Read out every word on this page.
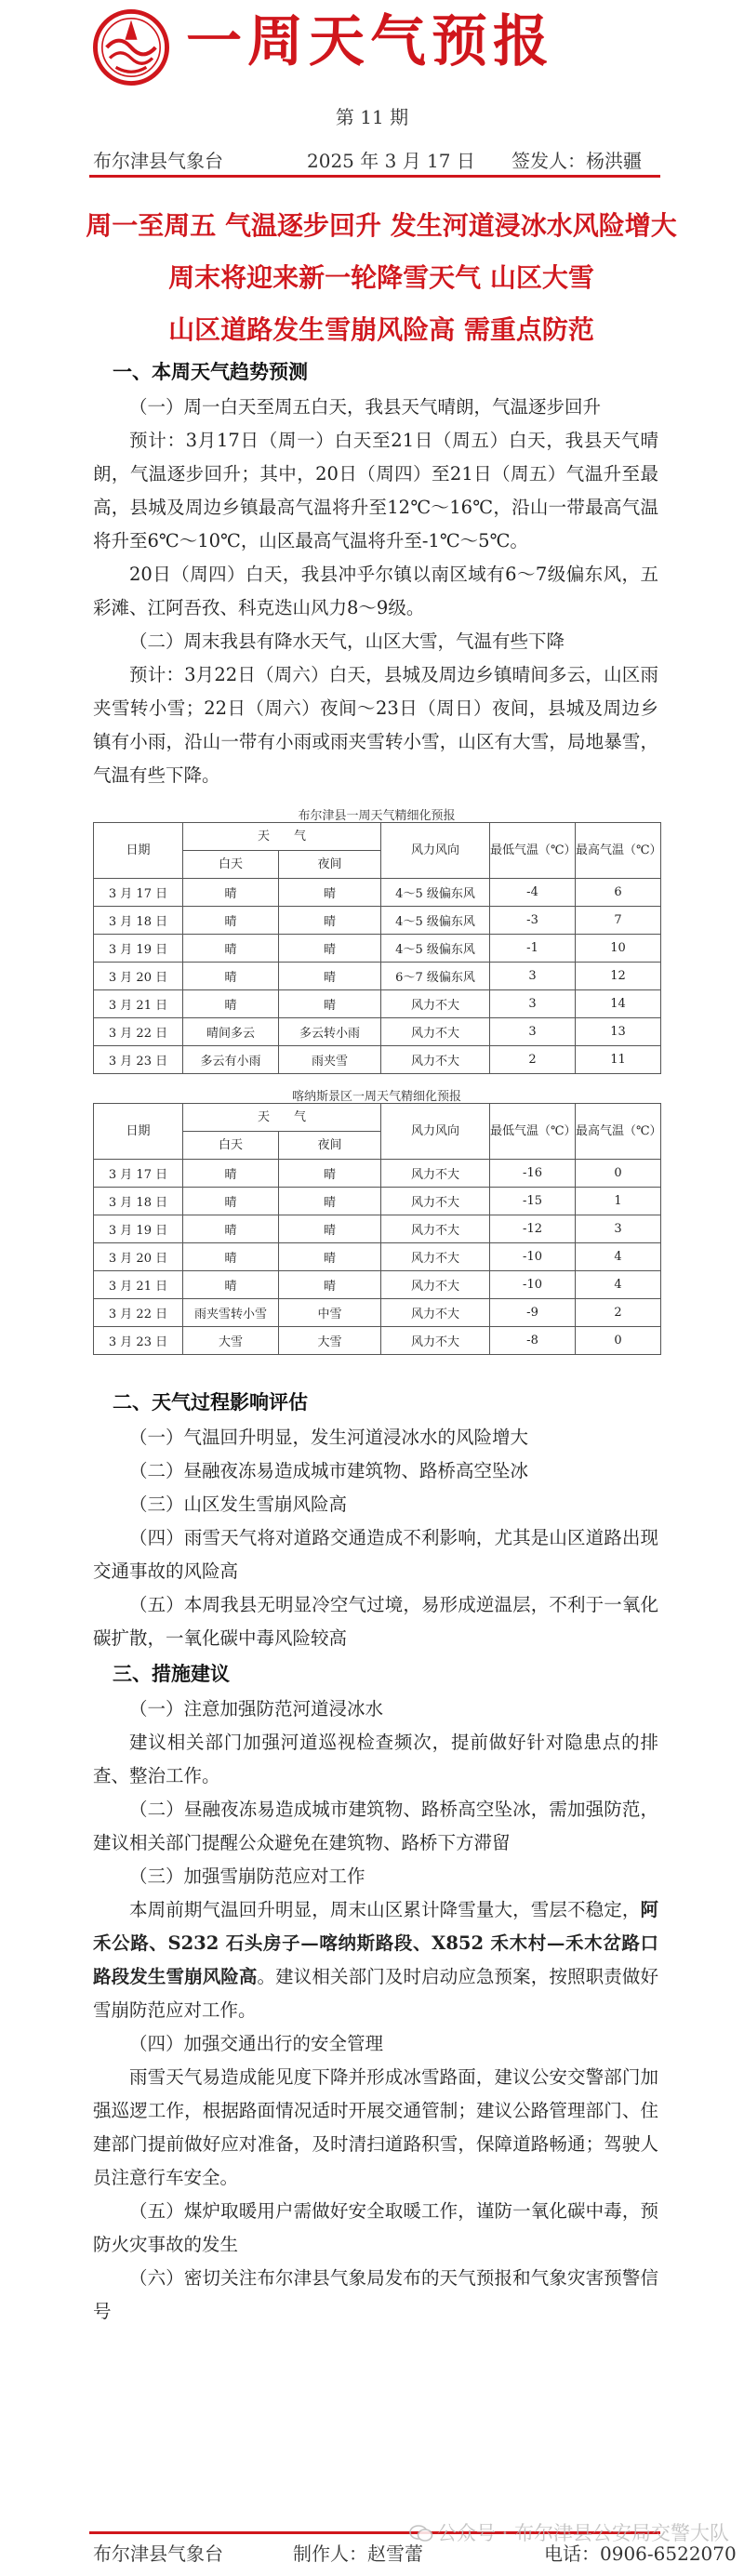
一周天气预报
第 11 期
布尔津县气象台	2025 年 3 月 17 日 签发人：杨洪疆
周一至周五 气温逐步回升 发生河道浸冰水风险增大
周末将迎来新一轮降雪天气 山区大雪
山区道路发生雪崩风险高 需重点防范
一、本周天气趋势预测

（一）周一白天至周五白天，我县天气晴朗，气温逐步回升

预计：3月17日（周一）白天至21日（周五）白天，我县天气晴朗，气温逐步回升；其中，20日（周四）至21日（周五）气温升至最高，县城及周边乡镇最高气温将升至12℃～16℃，沿山一带最高气温将升至6℃～10℃，山区最高气温将升至-1℃～5℃。

20日（周四）白天，我县冲乎尔镇以南区域有6～7级偏东风，五彩滩、江阿吾孜、科克迭山风力8～9级。

（二）周末我县有降水天气，山区大雪，气温有些下降

预计：3月22日（周六）白天，县城及周边乡镇晴间多云，山区雨夹雪转小雪；22日（周六）夜间～23日（周日）夜间，县城及周边乡镇有小雨，沿山一带有小雨或雨夹雪转小雪，山区有大雪，局地暴雪，气温有些下降。

布尔津县一周天气精细化预报
日期	天　　气		风力风向	最低气温（℃）	最高气温（℃）
	白天	夜间			
3 月 17 日	晴	晴	4～5 级偏东风	-4	6
3 月 18 日	晴	晴	4～5 级偏东风	-3	7
3 月 19 日	晴	晴	4～5 级偏东风	-1	10
3 月 20 日	晴	晴	6～7 级偏东风	3	12
3 月 21 日	晴	晴	风力不大	3	14
3 月 22 日	晴间多云	多云转小雨	风力不大	3	13
3 月 23 日	多云有小雨	雨夹雪	风力不大	2	11
喀纳斯景区一周天气精细化预报
日期	天　　气		风力风向	最低气温（℃）	最高气温（℃）
	白天	夜间			
3 月 17 日	晴	晴	风力不大	-16	0
3 月 18 日	晴	晴	风力不大	-15	1
3 月 19 日	晴	晴	风力不大	-12	3
3 月 20 日	晴	晴	风力不大	-10	4
3 月 21 日	晴	晴	风力不大	-10	4
3 月 22 日	雨夹雪转小雪	中雪	风力不大	-9	2
3 月 23 日	大雪	大雪	风力不大	-8	0
二、天气过程影响评估

（一）气温回升明显，发生河道浸冰水的风险增大

（二）昼融夜冻易造成城市建筑物、路桥高空坠冰

（三）山区发生雪崩风险高

（四）雨雪天气将对道路交通造成不利影响，尤其是山区道路出现交通事故的风险高

（五）本周我县无明显冷空气过境，易形成逆温层，不利于一氧化碳扩散，一氧化碳中毒风险较高

三、措施建议

（一）注意加强防范河道浸冰水

建议相关部门加强河道巡视检查频次，提前做好针对隐患点的排查、整治工作。

（二）昼融夜冻易造成城市建筑物、路桥高空坠冰，需加强防范，建议相关部门提醒公众避免在建筑物、路桥下方滞留

（三）加强雪崩防范应对工作

本周前期气温回升明显，周末山区累计降雪量大，雪层不稳定，阿禾公路、S232 石头房子—喀纳斯路段、X852 禾木村—禾木岔路口路段发生雪崩风险高。建议相关部门及时启动应急预案，按照职责做好雪崩防范应对工作。

（四）加强交通出行的安全管理

雨雪天气易造成能见度下降并形成冰雪路面，建议公安交警部门加强巡逻工作，根据路面情况适时开展交通管制；建议公路管理部门、住建部门提前做好应对准备，及时清扫道路积雪，保障道路畅通；驾驶人员注意行车安全。

（五）煤炉取暖用户需做好安全取暖工作，谨防一氧化碳中毒，预防火灾事故的发生

（六）密切关注布尔津县气象局发布的天气预报和气象灾害预警信号

公众号 · 布尔津县公安局交警大队
布尔津县气象台	制作人：赵雪蕾	电话：0906-6522070
